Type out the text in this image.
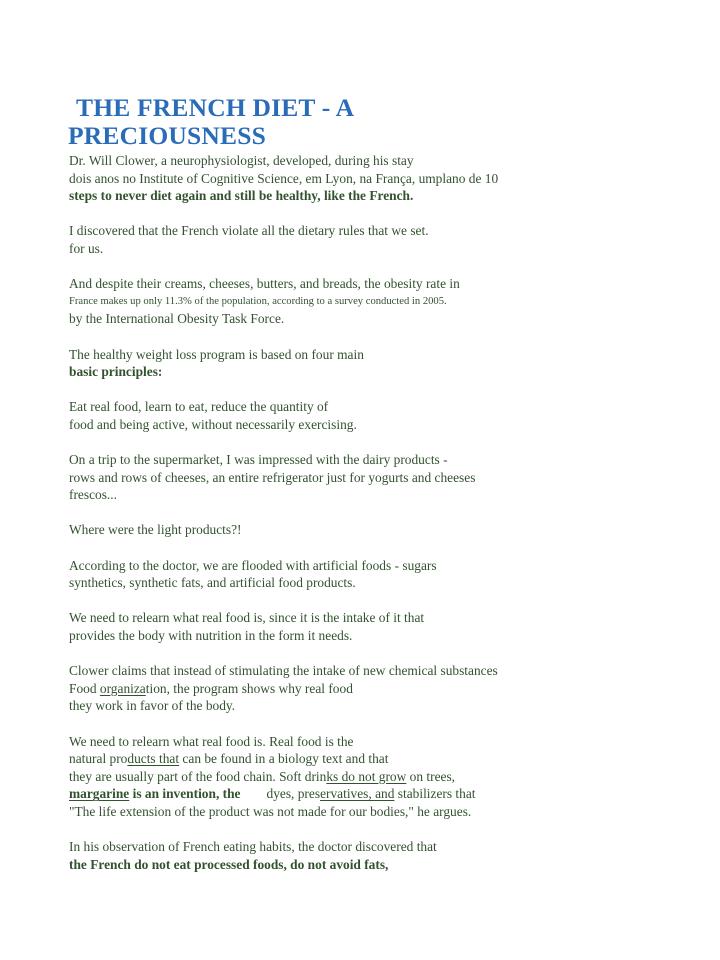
THE FRENCH DIET - A
PRECIOUSNESS

Dr. Will Clower, a neurophysiologist, developed, during his stay
dois anos no Institute of Cognitive Science, em Lyon, na França, umplano de 10
steps to never diet again and still be healthy, like the French.

I discovered that the French violate all the dietary rules that we set.
for us.

And despite their creams, cheeses, butters, and breads, the obesity rate in
France makes up only 11.3% of the population, according to a survey conducted in 2005.
by the International Obesity Task Force.

The healthy weight loss program is based on four main
basic principles:

Eat real food, learn to eat, reduce the quantity of
food and being active, without necessarily exercising.

On a trip to the supermarket, I was impressed with the dairy products -
rows and rows of cheeses, an entire refrigerator just for yogurts and cheeses
frescos...

Where were the light products?!

According to the doctor, we are flooded with artificial foods - sugars
synthetics, synthetic fats, and artificial food products.

We need to relearn what real food is, since it is the intake of it that
provides the body with nutrition in the form it needs.

Clower claims that instead of stimulating the intake of new chemical substances
Food organization, the program shows why real food
they work in favor of the body.

We need to relearn what real food is. Real food is the
natural products that can be found in a biology text and that
they are usually part of the food chain. Soft drinks do not grow on trees,
margarine is an invention, the dyes, preservatives, and stabilizers that
"The life extension of the product was not made for our bodies," he argues.

In his observation of French eating habits, the doctor discovered that
the French do not eat processed foods, do not avoid fats,
